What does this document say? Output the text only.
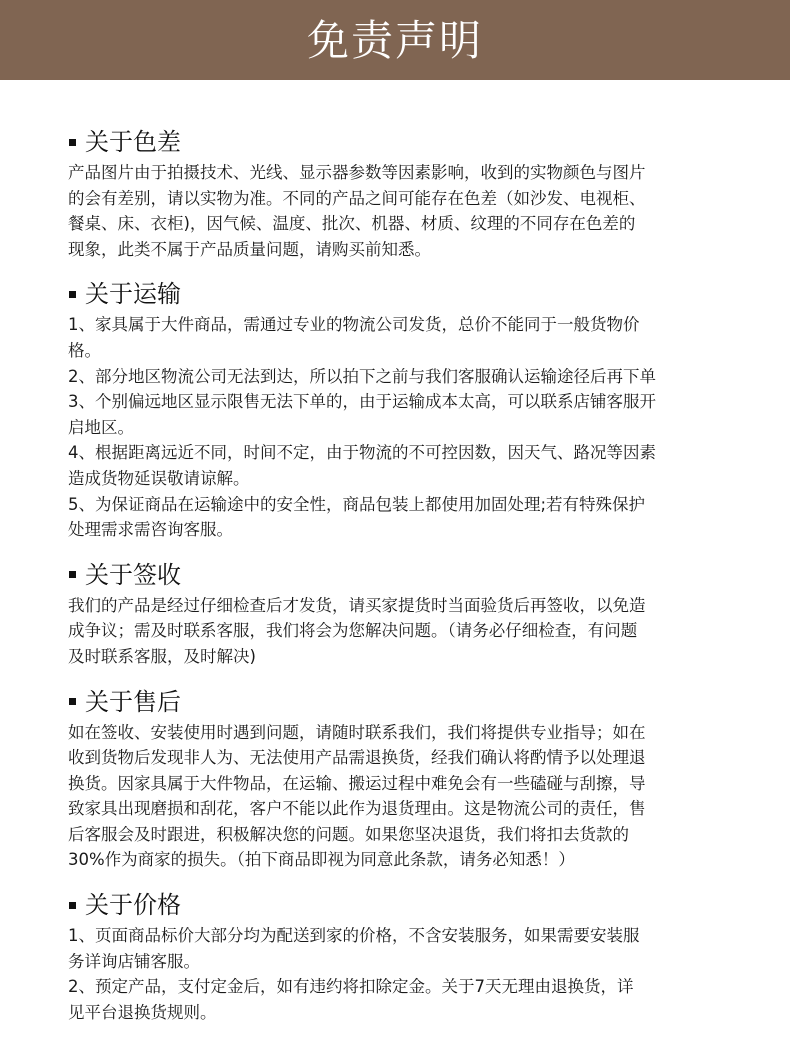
免责声明
关于色差

产品图片由于拍摄技术、光线、显示器参数等因素影响，收到的实物颜色与图片

的会有差别，请以实物为准。不同的产品之间可能存在色差（如沙发、电视柜、

餐桌、床、衣柜)，因气候、温度、批次、机器、材质、纹理的不同存在色差的

现象，此类不属于产品质量问题，请购买前知悉。

关于运输

1、家具属于大件商品，需通过专业的物流公司发货，总价不能同于一般货物价

格。

2、部分地区物流公司无法到达，所以拍下之前与我们客服确认运输途径后再下单

3、个别偏远地区显示限售无法下单的，由于运输成本太高，可以联系店铺客服开

启地区。

4、根据距离远近不同，时间不定，由于物流的不可控因数，因天气、路况等因素

造成货物延误敬请谅解。

5、为保证商品在运输途中的安全性，商品包装上都使用加固处理;若有特殊保护

处理需求需咨询客服。

关于签收

我们的产品是经过仔细检查后才发货，请买家提货时当面验货后再签收，以免造

成争议；需及时联系客服，我们将会为您解决问题。（请务必仔细检查，有问题

及时联系客服，及时解决)

关于售后

如在签收、安装使用时遇到问题，请随时联系我们，我们将提供专业指导；如在

收到货物后发现非人为、无法使用产品需退换货，经我们确认将酌情予以处理退

换货。因家具属于大件物品，在运输、搬运过程中难免会有一些磕碰与刮擦，导

致家具出现磨损和刮花，客户不能以此作为退货理由。这是物流公司的责任，售

后客服会及时跟进，积极解决您的问题。如果您坚决退货，我们将扣去货款的

30%作为商家的损失。（拍下商品即视为同意此条款，请务必知悉！）

关于价格

1、页面商品标价大部分均为配送到家的价格，不含安装服务，如果需要安装服

务详询店铺客服。

2、预定产品，支付定金后，如有违约将扣除定金。关于7天无理由退换货，详

见平台退换货规则。
